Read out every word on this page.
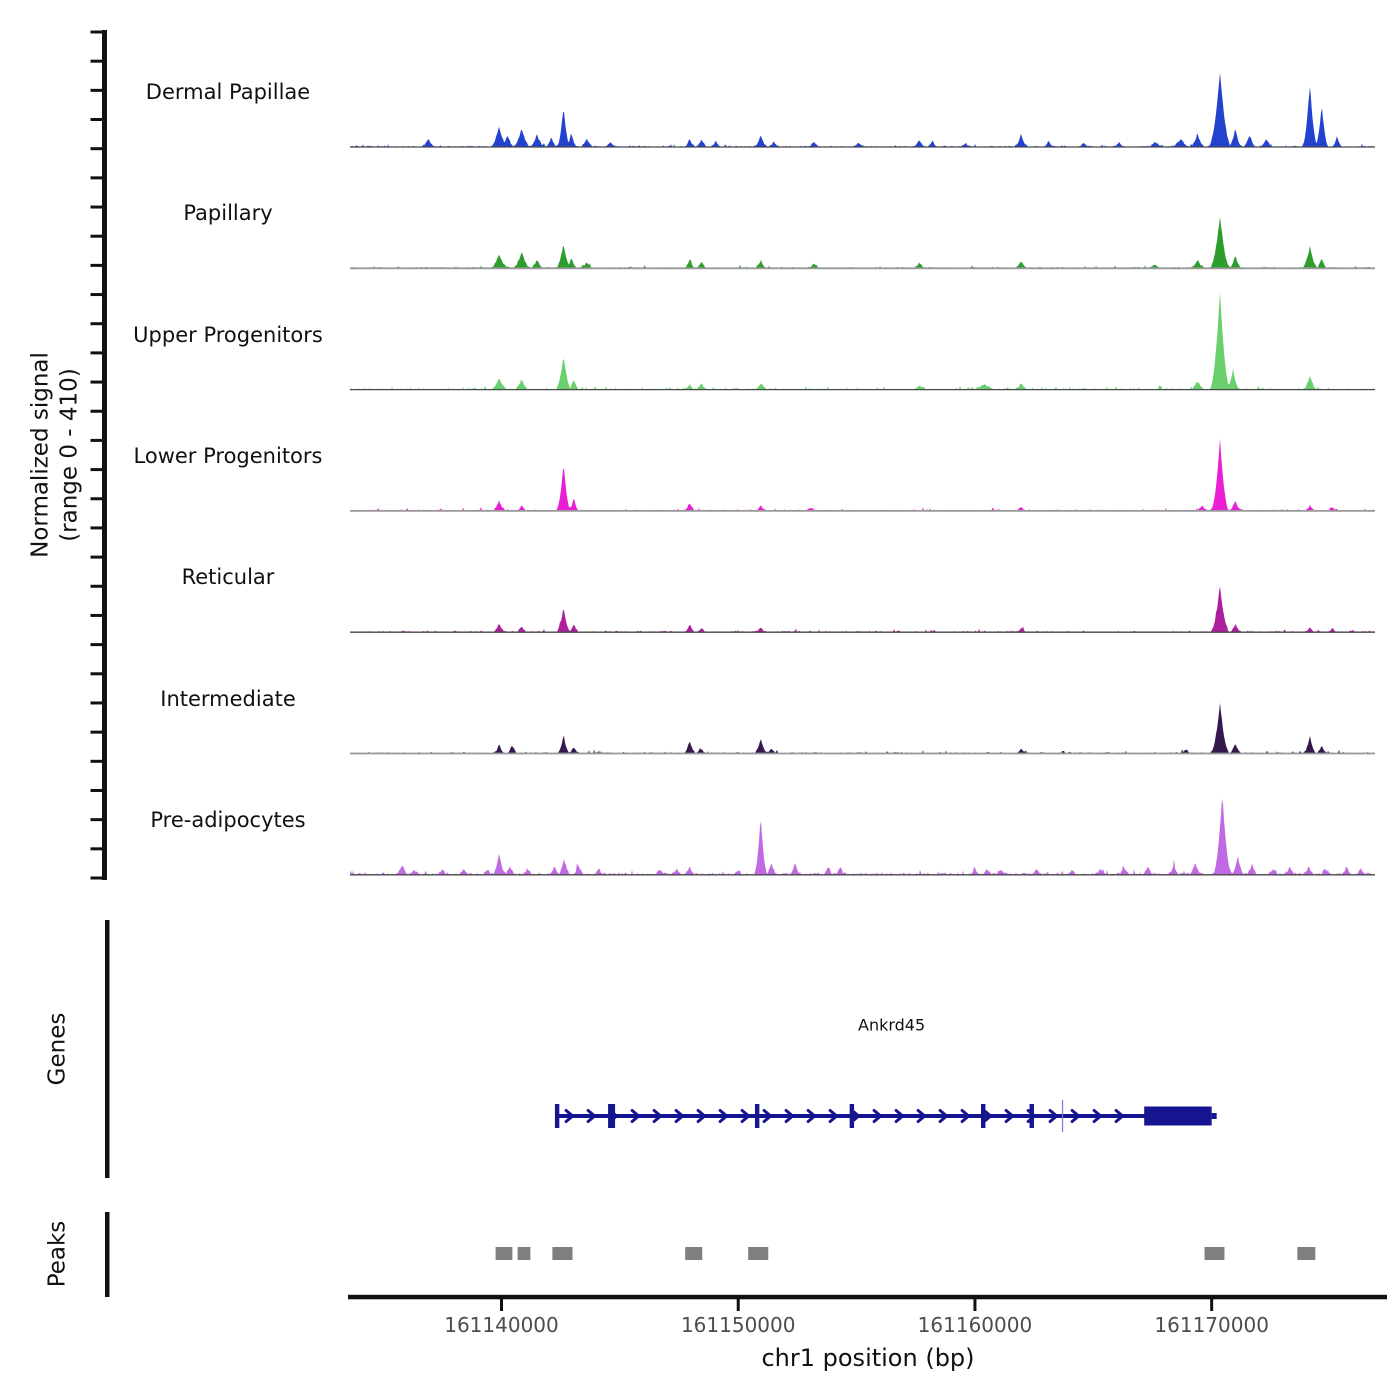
Dermal Papillae
Papillary
Upper Progenitors
Lower Progenitors
Reticular
Intermediate
Pre-adipocytes
Normalized signal (range 0 - 410)
Genes
Peaks
Ankrd45
161140000	161150000	161160000	161170000
chr1 position (bp)
